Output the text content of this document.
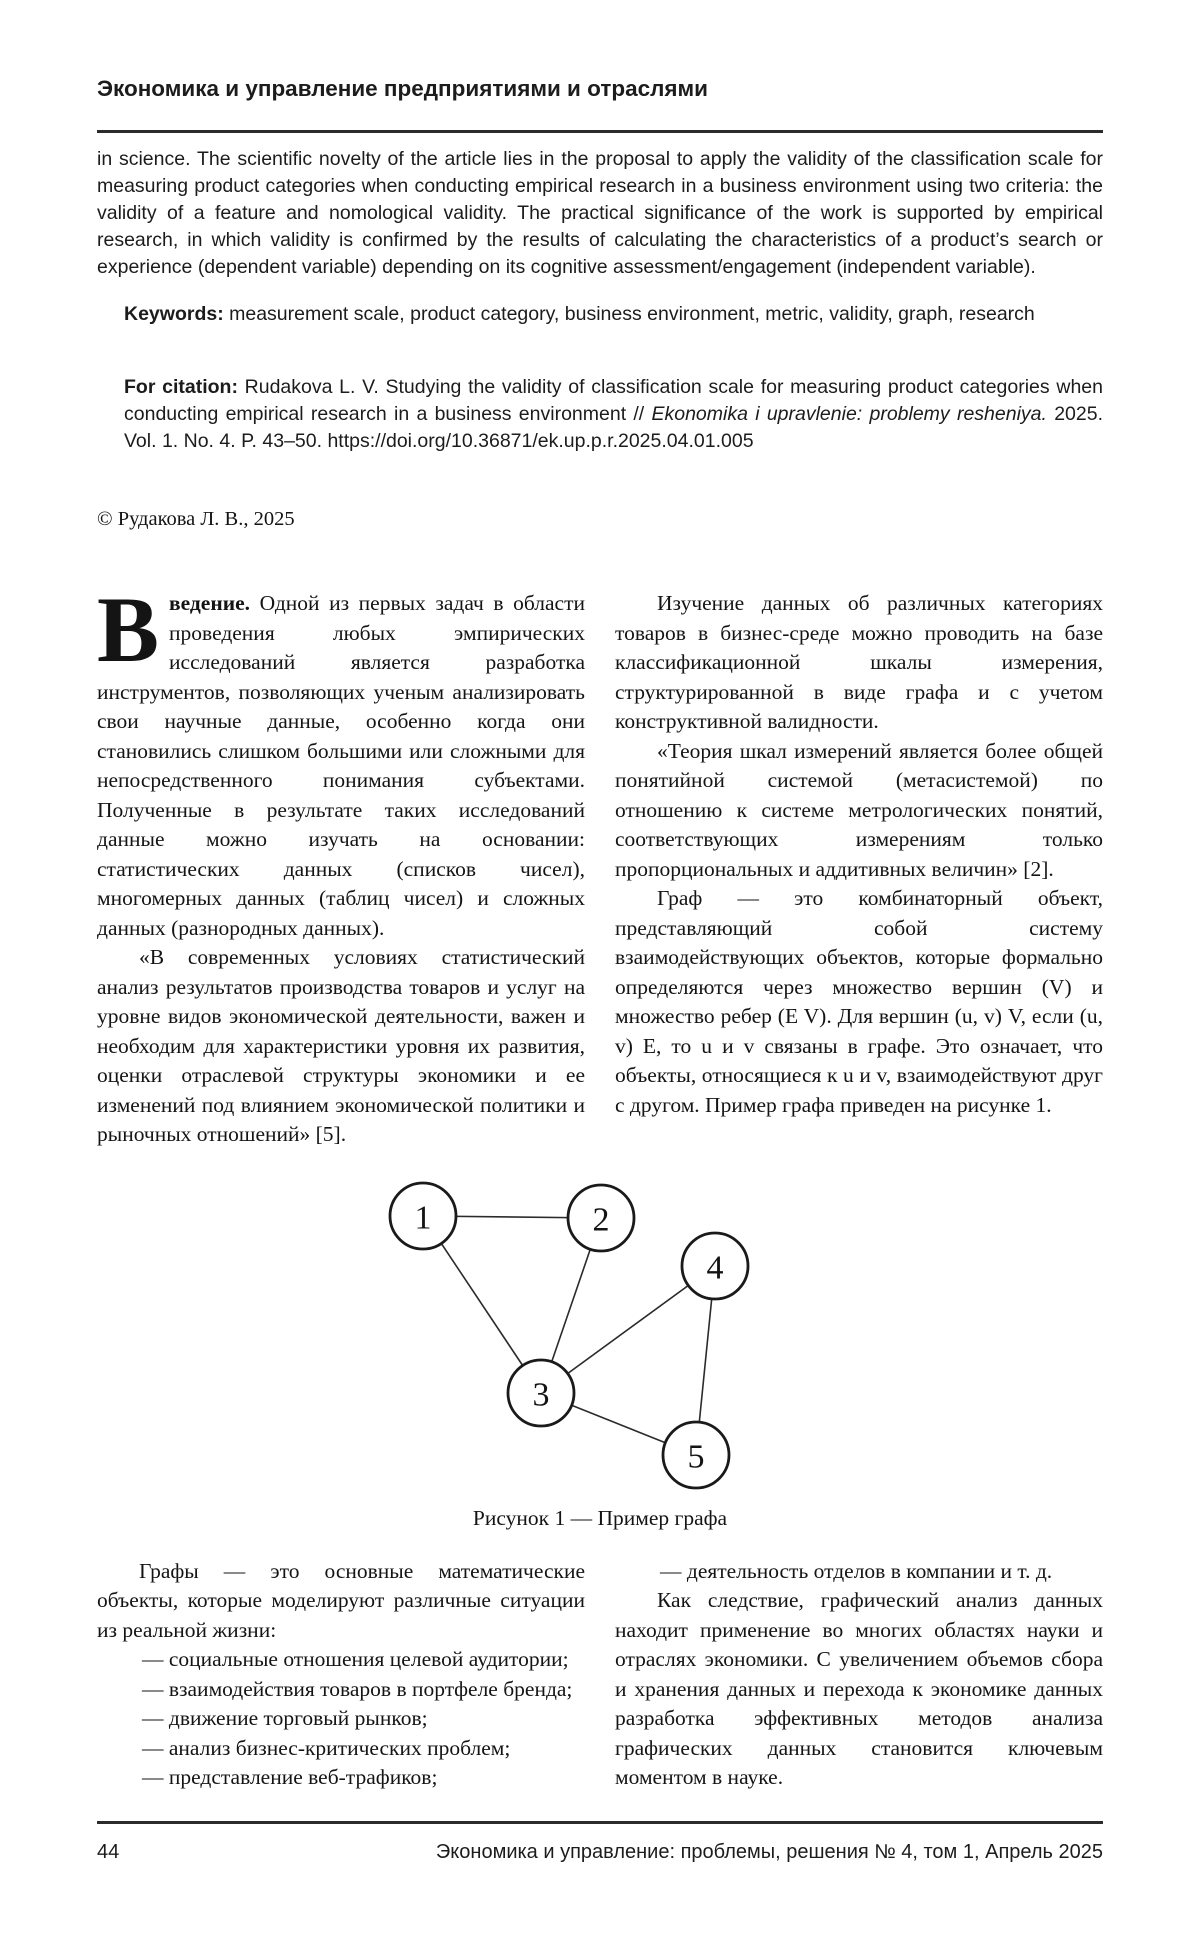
Экономика и управление предприятиями и отраслями

in science. The scientific novelty of the article lies in the proposal to apply the validity of the classification scale for measuring product categories when conducting empirical research in a business environment using two criteria: the validity of a feature and nomological validity. The practical significance of the work is supported by empirical research, in which validity is confirmed by the results of calculating the characteristics of a product’s search or experience (dependent variable) depending on its cognitive assessment/engagement (independent variable).

Keywords: measurement scale, product category, business environment, metric, validity, graph, research

For citation: Rudakova L. V. Studying the validity of classification scale for measuring product categories when conducting empirical research in a business environment // Ekonomika i upravlenie: problemy resheniya. 2025. Vol. 1. No. 4. P. 43–50. https://doi.org/10.36871/ek.up.p.r.2025.04.01.005

© Рудакова Л. В., 2025

Введение. Одной из первых задач в области проведения любых эмпирических исследований является разработка инструментов, позволяющих ученым анализировать свои научные данные, особенно когда они становились слишком большими или сложными для непосредственного понимания субъектами. Полученные в результате таких исследований данные можно изучать на основании: статистических данных (списков чисел), многомерных данных (таблиц чисел) и сложных данных (разнородных данных).

«В современных условиях статистический анализ результатов производства товаров и услуг на уровне видов экономической деятельности, важен и необходим для характеристики уровня их развития, оценки отраслевой структуры экономики и ее изменений под влиянием экономической политики и рыночных отношений» [5].

Изучение данных об различных категориях товаров в бизнес-среде можно проводить на базе классификационной шкалы измерения, структурированной в виде графа и с учетом конструктивной валидности.

«Теория шкал измерений является более общей понятийной системой (метасистемой) по отношению к системе метрологических понятий, соответствующих измерениям только пропорциональных и аддитивных величин» [2].

Граф — это комбинаторный объект, представляющий собой систему взаимодействующих объектов, которые формально определяются через множество вершин (V) и множество ребер (E V). Для вершин (u, v) V, если (u, v) E, то u и v связаны в графе. Это означает, что объекты, относящиеся к u и v, взаимодействуют друг с другом. Пример графа приведен на рисунке 1.

1	2
4
3
5
Рисунок 1 — Пример графа

Графы — это основные математические объекты, которые моделируют различные ситуации из реальной жизни:

— социальные отношения целевой аудитории;

— взаимодействия товаров в портфеле бренда;

— движение торговый рынков;

— анализ бизнес-критических проблем;

— представление веб-трафиков;

— деятельность отделов в компании и т. д.

Как следствие, графический анализ данных находит применение во многих областях науки и отраслях экономики. С увеличением объемов сбора и хранения данных и перехода к экономике данных разработка эффективных методов анализа графических данных становится ключевым моментом в науке.

44	Экономика и управление: проблемы, решения № 4, том 1, Апрель 2025
